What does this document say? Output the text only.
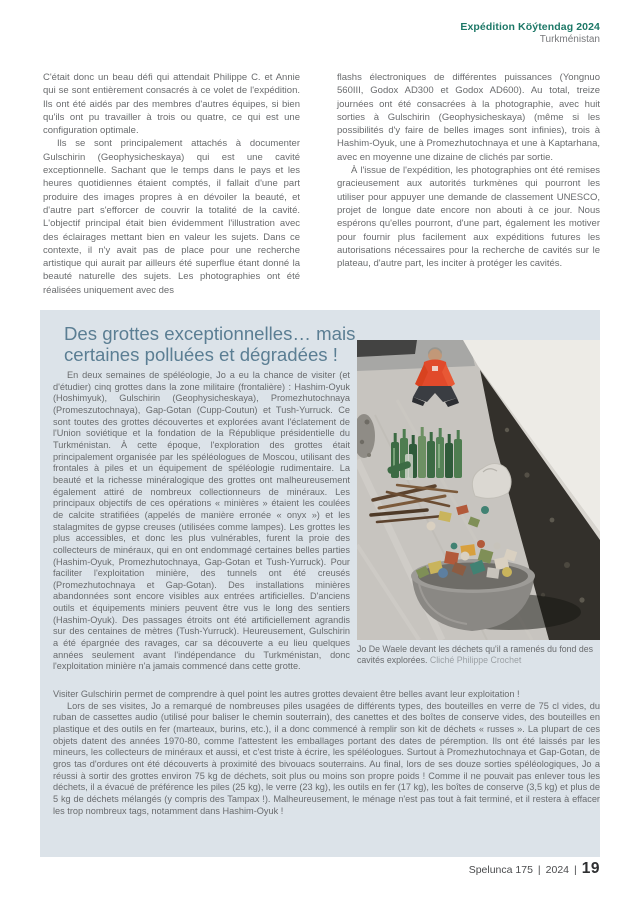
Expédition Köýtendag 2024
Turkménistan

C'était donc un beau défi qui attendait Philippe C. et Annie qui se sont entièrement consacrés à ce volet de l'expédition. Ils ont été aidés par des membres d'autres équipes, si bien qu'ils ont pu travailler à trois ou quatre, ce qui est une configuration optimale.

Ils se sont principalement attachés à documenter Gulschirin (Geophysicheskaya) qui est une cavité exceptionnelle. Sachant que le temps dans le pays et les heures quotidiennes étaient comptés, il fallait d'une part produire des images propres à en dévoiler la beauté, et d'autre part s'efforcer de couvrir la totalité de la cavité. L'objectif principal était bien évidemment l'illustration avec des éclairages mettant bien en valeur les sujets. Dans ce contexte, il n'y avait pas de place pour une recherche artistique qui aurait par ailleurs été superflue étant donné la beauté naturelle des sujets. Les photographies ont été réalisées uniquement avec des

flashs électroniques de différentes puissances (Yongnuo 560III, Godox AD300 et Godox AD600). Au total, treize journées ont été consacrées à la photographie, avec huit sorties à Gulschirin (Geophysicheskaya) (même si les possibilités d'y faire de belles images sont infinies), trois à Hashim-Oyuk, une à Promezhutochnaya et une à Kaptarhana, avec en moyenne une dizaine de clichés par sortie.

À l'issue de l'expédition, les photographies ont été remises gracieusement aux autorités turkmènes qui pourront les utiliser pour appuyer une demande de classement UNESCO, projet de longue date encore non abouti à ce jour. Nous espérons qu'elles pourront, d'une part, également les motiver pour fournir plus facilement aux expéditions futures les autorisations nécessaires pour la recherche de cavités sur le plateau, d'autre part, les inciter à protéger les cavités.

Des grottes exceptionnelles… mais
certaines polluées et dégradées !

En deux semaines de spéléologie, Jo a eu la chance de visiter (et d'étudier) cinq grottes dans la zone militaire (frontalière) : Hashim-Oyuk (Hoshimyuk), Gulschirin (Geophysicheskaya), Promezhutochnaya (Promeszutochnaya), Gap-Gotan (Cupp-Coutun) et Tush-Yurruck. Ce sont toutes des grottes découvertes et explorées avant l'éclatement de l'Union soviétique et la fondation de la République présidentielle du Turkménistan. À cette époque, l'exploration des grottes était principalement organisée par les spéléologues de Moscou, utilisant des frontales à piles et un équipement de spéléologie rudimentaire. La beauté et la richesse minéralogique des grottes ont malheureusement également attiré de nombreux collectionneurs de minéraux. Les principaux objectifs de ces opérations « minières » étaient les coulées de calcite stratifiées (appelés de manière erronée « onyx ») et les stalagmites de gypse creuses (utilisées comme lampes). Les grottes les plus accessibles, et donc les plus vulnérables, furent la proie des collecteurs de minéraux, qui en ont endommagé certaines belles parties (Hashim-Oyuk, Promezhutochnaya, Gap-Gotan et Tush-Yurruck). Pour faciliter l'exploitation minière, des tunnels ont été creusés (Promezhutochnaya et Gap-Gotan). Des installations minières abandonnées sont encore visibles aux entrées artificielles. D'anciens outils et équipements miniers peuvent être vus le long des sentiers (Hashim-Oyuk). Des passages étroits ont été artificiellement agrandis sur des centaines de mètres (Tush-Yurruck). Heureusement, Gulschirin a été épargnée des ravages, car sa découverte a eu lieu quelques années seulement avant l'indépendance du Turkménistan, donc l'exploitation minière n'a jamais commencé dans cette grotte.

Jo De Waele devant les déchets qu'il a ramenés du fond des cavités explorées. Cliché Philippe Crochet

Visiter Gulschirin permet de comprendre à quel point les autres grottes devaient être belles avant leur exploitation !

Lors de ses visites, Jo a remarqué de nombreuses piles usagées de différents types, des bouteilles en verre de 75 cl vides, du ruban de cassettes audio (utilisé pour baliser le chemin souterrain), des canettes et des boîtes de conserve vides, des bouteilles en plastique et des outils en fer (marteaux, burins, etc.), il a donc commencé à remplir son kit de déchets « russes ». La plupart de ces objets datent des années 1970-80, comme l'attestent les emballages portant des dates de péremption. Ils ont été laissés par les mineurs, les collecteurs de minéraux et aussi, et c'est triste à écrire, les spéléologues. Surtout à Promezhutochnaya et Gap-Gotan, de gros tas d'ordures ont été découverts à proximité des bivouacs souterrains. Au final, lors de ses douze sorties spéléologiques, Jo a réussi à sortir des grottes environ 75 kg de déchets, soit plus ou moins son propre poids ! Comme il ne pouvait pas enlever tous les déchets, il a évacué de préférence les piles (25 kg), le verre (23 kg), les outils en fer (17 kg), les boîtes de conserve (3,5 kg) et plus de 5 kg de déchets mélangés (y compris des Tampax !). Malheureusement, le ménage n'est pas tout à fait terminé, et il restera à effacer les trop nombreux tags, notamment dans Hashim-Oyuk !

Spelunca 175 | 2024 | 19
